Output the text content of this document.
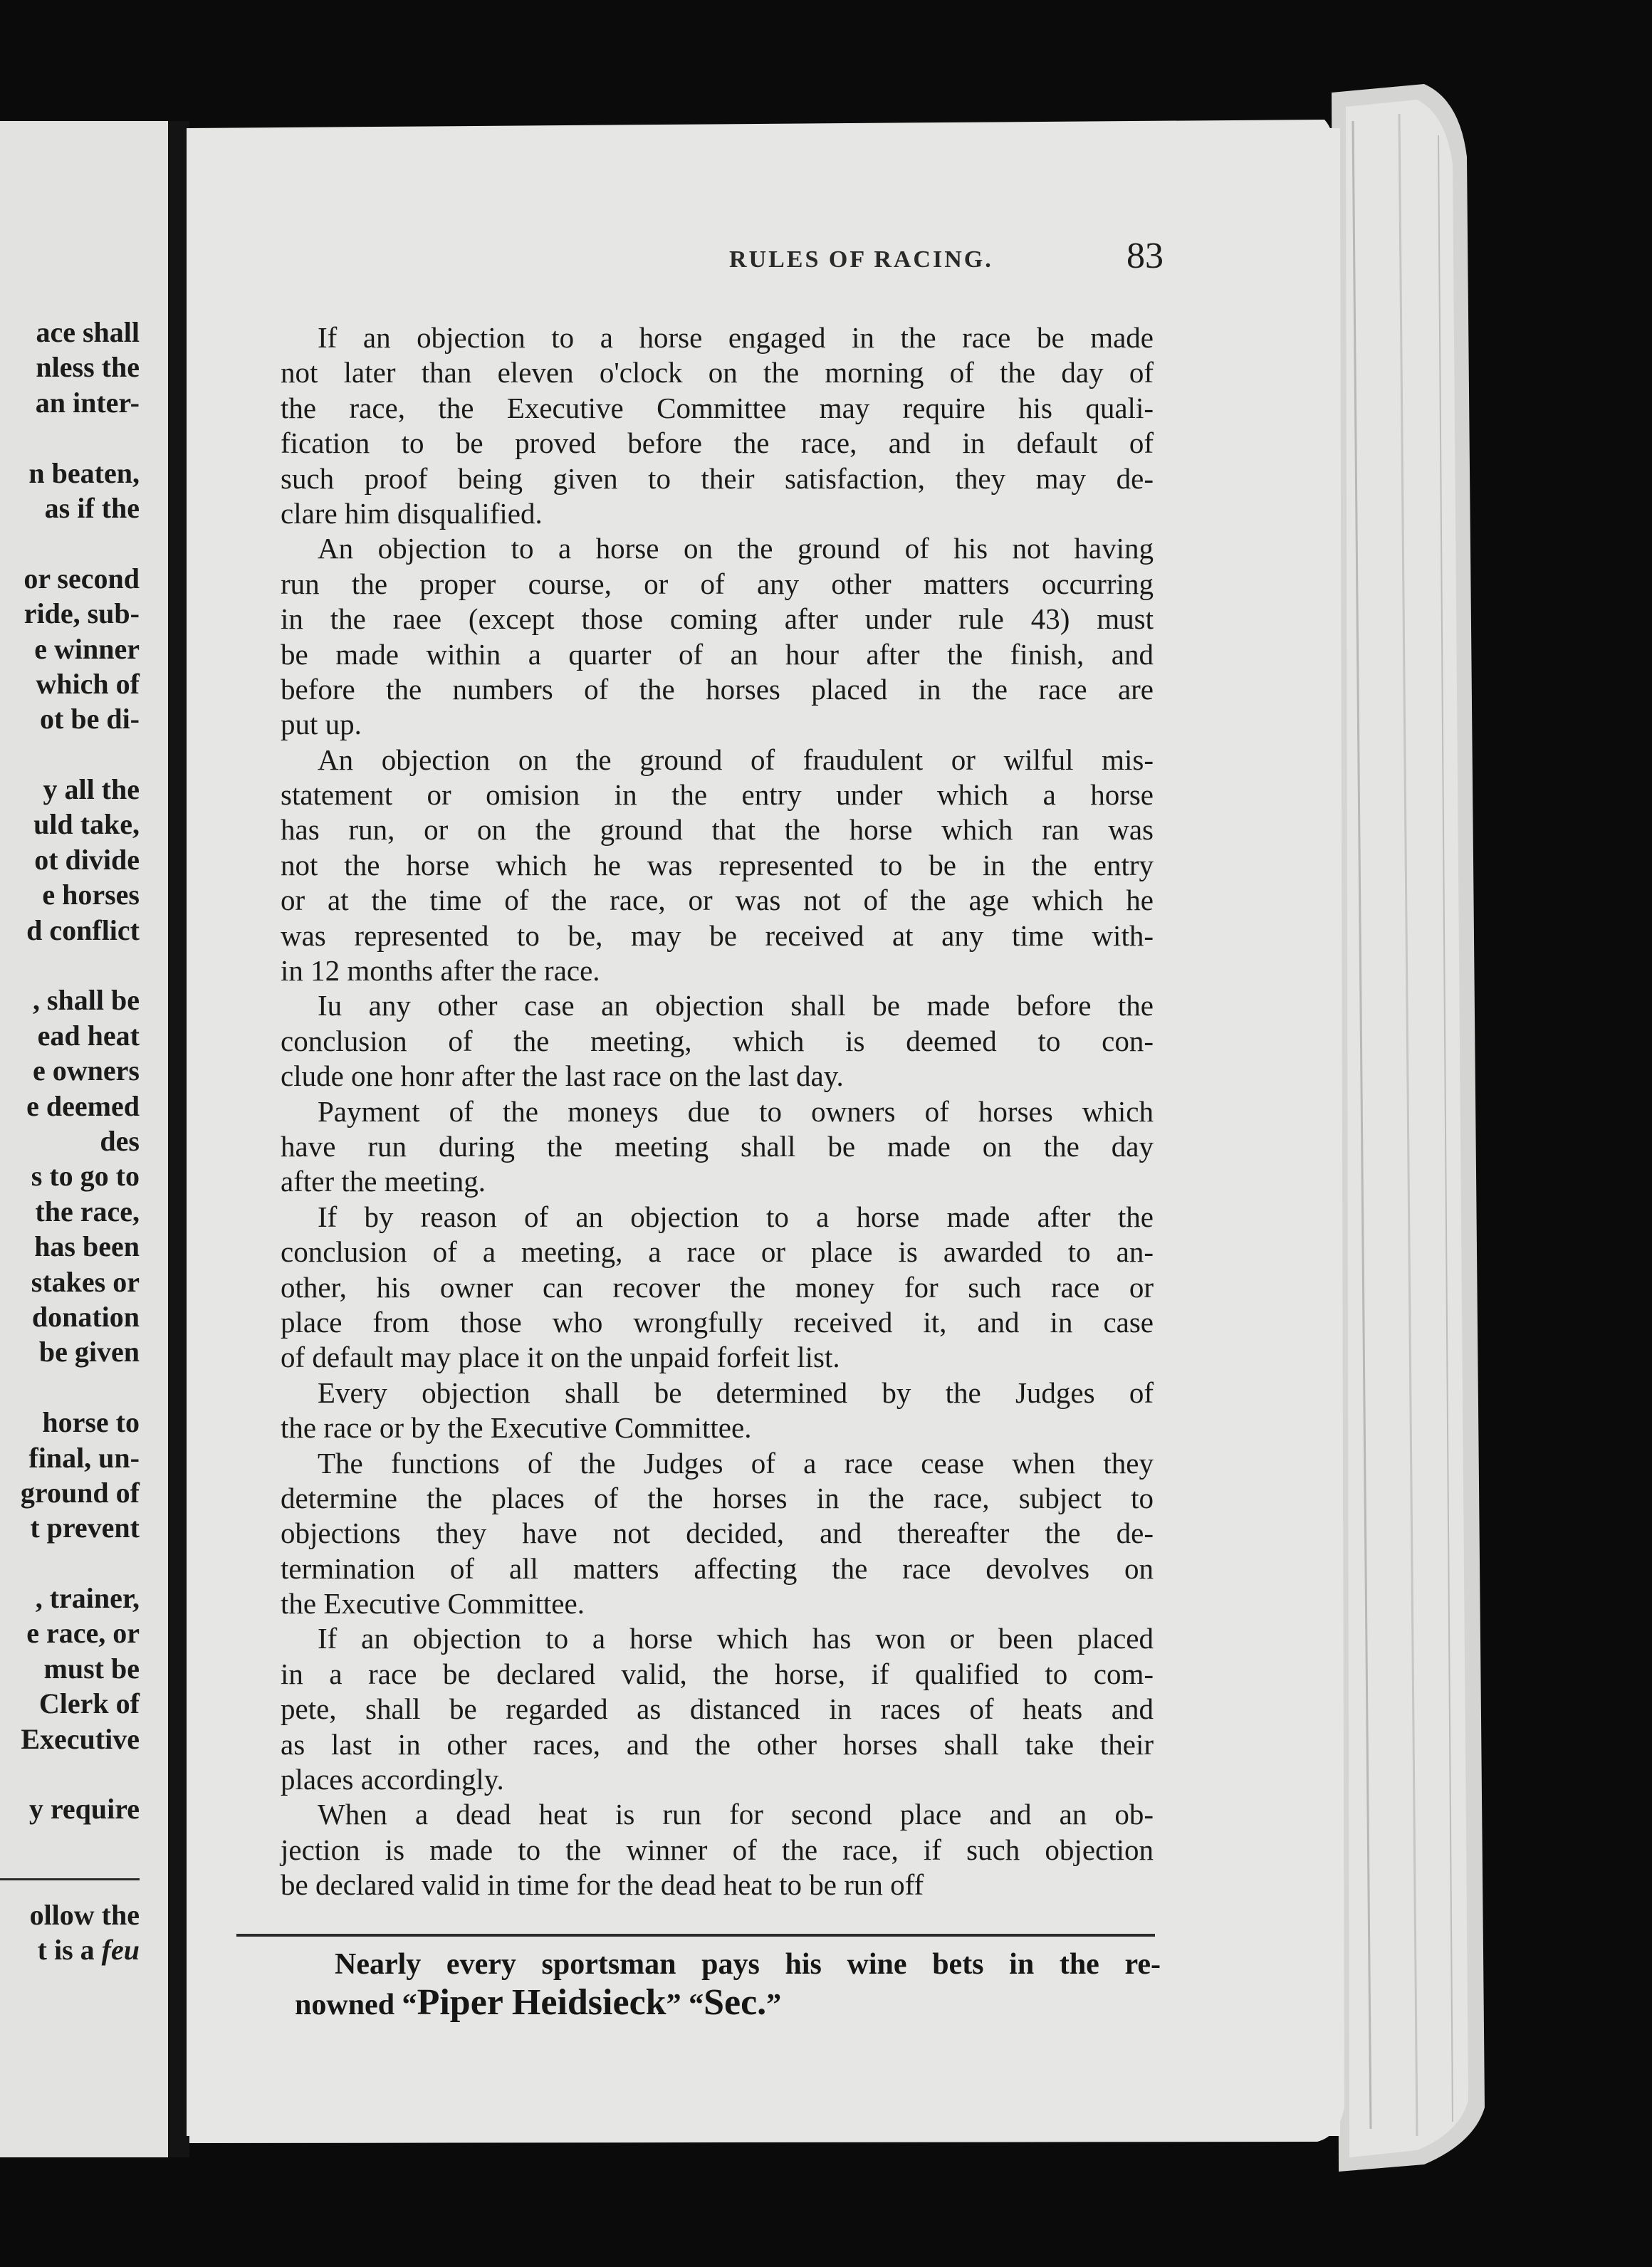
ace shall
nless the
an inter-
n beaten,
as if the
or second
ride, sub-
e winner
which of
ot be di-
y all the
uld take,
ot divide
e horses
d conflict
, shall be
ead heat
e owners
e deemed
des
s to go to
the race,
has been
stakes or
donation
be given
horse to
final, un-
ground of
t prevent
, trainer,
e race, or
must be
Clerk of
Executive
y require
ollow the
t is a feu
RULES OF RACING.	83
If an objection to a horse engaged in the race be made
not later than eleven o'clock on the morning of the day of
the race, the Executive Committee may require his quali-
fication to be proved before the race, and in default of
such proof being given to their satisfaction, they may de-
clare him disqualified.
An objection to a horse on the ground of his not having
run the proper course, or of any other matters occurring
in the raee (except those coming after under rule 43) must
be made within a quarter of an hour after the finish, and
before the numbers of the horses placed in the race are
put up.
An objection on the ground of fraudulent or wilful mis-
statement or omision in the entry under which a horse
has run, or on the ground that the horse which ran was
not the horse which he was represented to be in the entry
or at the time of the race, or was not of the age which he
was represented to be, may be received at any time with-
in 12 months after the race.
Iu any other case an objection shall be made before the
conclusion of the meeting, which is deemed to con-
clude one honr after the last race on the last day.
Payment of the moneys due to owners of horses which
have run during the meeting shall be made on the day
after the meeting.
If by reason of an objection to a horse made after the
conclusion of a meeting, a race or place is awarded to an-
other, his owner can recover the money for such race or
place from those who wrongfully received it, and in case
of default may place it on the unpaid forfeit list.
Every objection shall be determined by the Judges of
the race or by the Executive Committee.
The functions of the Judges of a race cease when they
determine the places of the horses in the race, subject to
objections they have not decided, and thereafter the de-
termination of all matters affecting the race devolves on
the Executive Committee.
If an objection to a horse which has won or been placed
in a race be declared valid, the horse, if qualified to com-
pete, shall be regarded as distanced in races of heats and
as last in other races, and the other horses shall take their
places accordingly.
When a dead heat is run for second place and an ob-
jection is made to the winner of the race, if such objection
be declared valid in time for the dead heat to be run off
Nearly every sportsman pays his wine bets in the re-
nowned “Piper Heidsieck” “Sec.”
